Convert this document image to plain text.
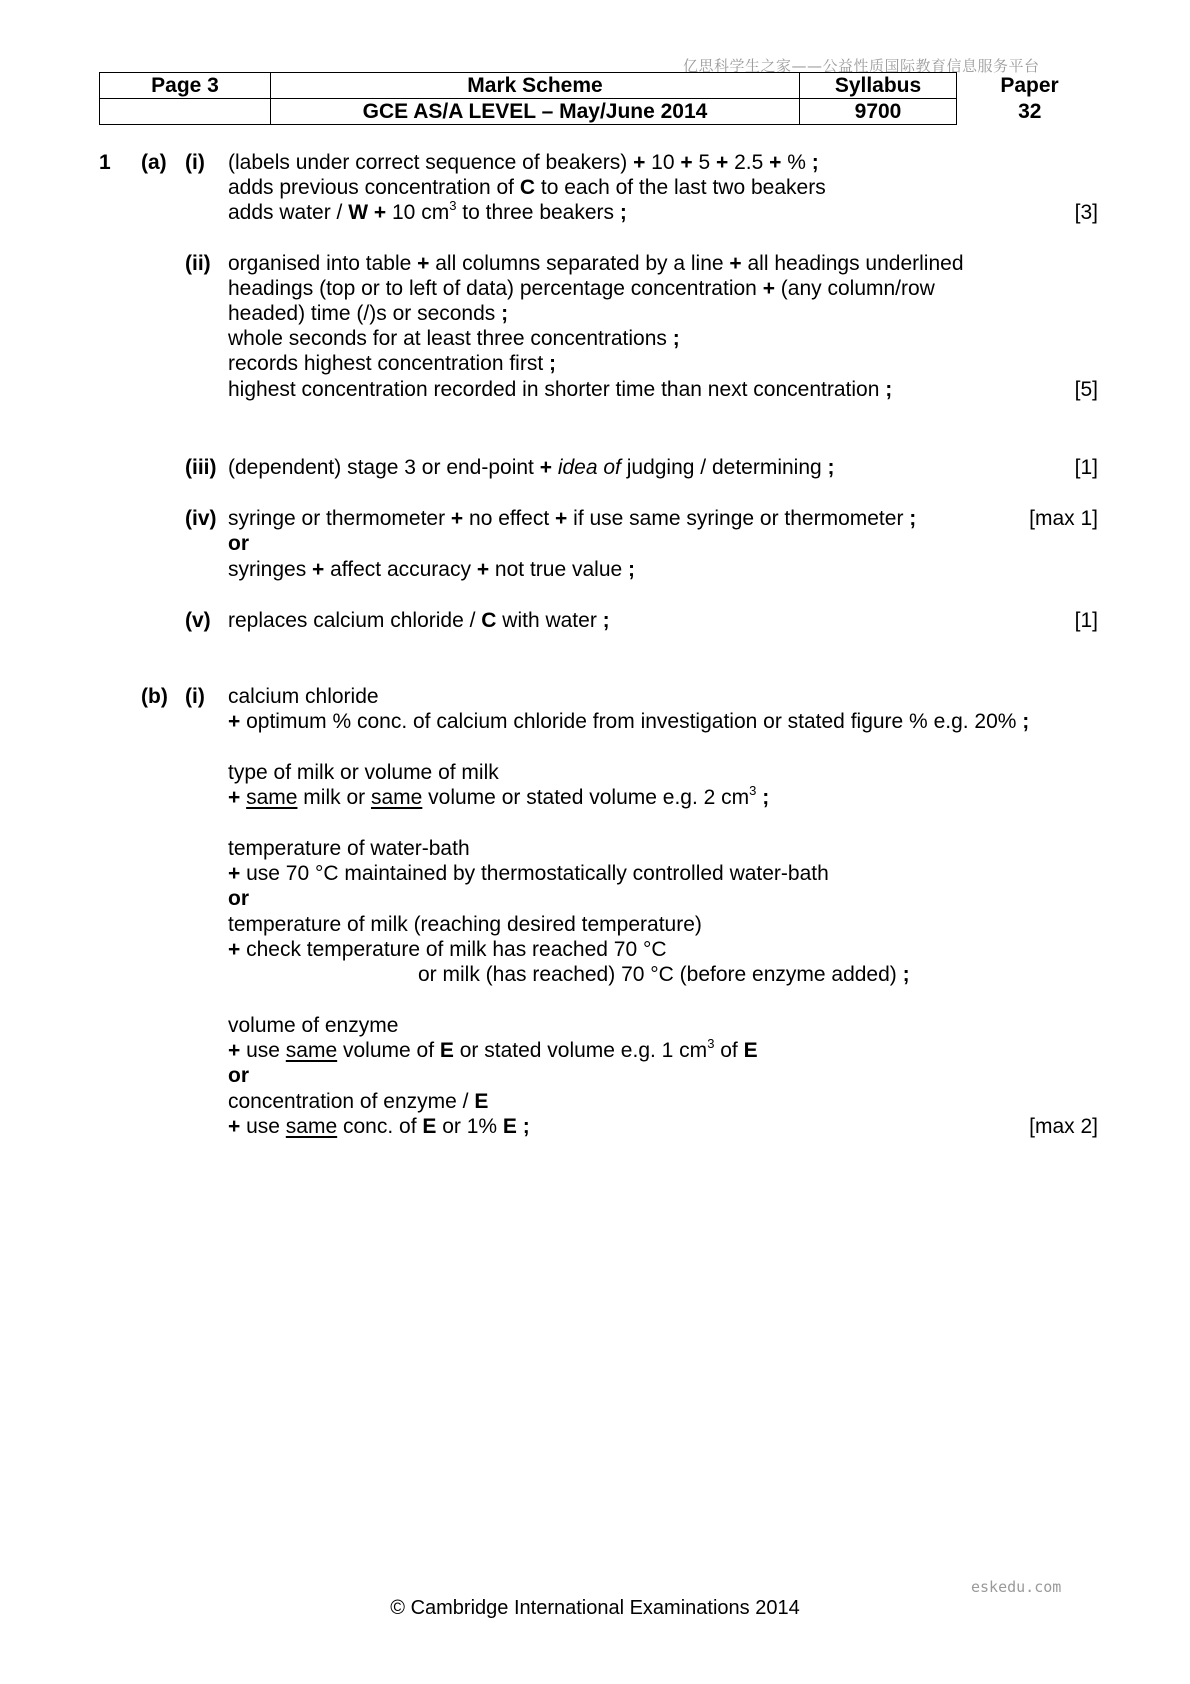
亿思科学生之家——公益性质国际教育信息服务平台
Page 3	Mark Scheme	Syllabus	Paper
	GCE AS/A LEVEL – May/June 2014	9700	32
1 (a) (i) (labels under correct sequence of beakers) + 10 + 5 + 2.5 + % ;
adds previous concentration of C to each of the last two beakers
adds water / W + 10 $cm^3$ to three beakers ;	[3]
(ii) organised into table + all columns separated by a line + all headings underlined
headings (top or to left of data) percentage concentration + (any column/row
headed) time (/)s or seconds ;
whole seconds for at least three concentrations ;
records highest concentration first ;
highest concentration recorded in shorter time than next concentration ;	[5]
(iii) (dependent) stage 3 or end-point + idea of judging / determining ;	[1]
(iv) syringe or thermometer + no effect + if use same syringe or thermometer ;	[max 1]
or
syringes + affect accuracy + not true value ;
(v) replaces calcium chloride / C with water ;	[1]
(b) (i) calcium chloride
+ optimum % conc. of calcium chloride from investigation or stated figure % e.g. 20% ;
type of milk or volume of milk
+ same milk or same volume or stated volume e.g. 2 $cm^3$ ;
temperature of water-bath
+ use 70 °C maintained by thermostatically controlled water-bath
or
temperature of milk (reaching desired temperature)
+ check temperature of milk has reached 70 °C
or milk (has reached) 70 °C (before enzyme added) ;
volume of enzyme
+ use same volume of E or stated volume e.g. 1 $cm^3$ of E
or
concentration of enzyme / E
+ use same conc. of E or 1% E ;	[max 2]
eskedu.com
© Cambridge International Examinations 2014
